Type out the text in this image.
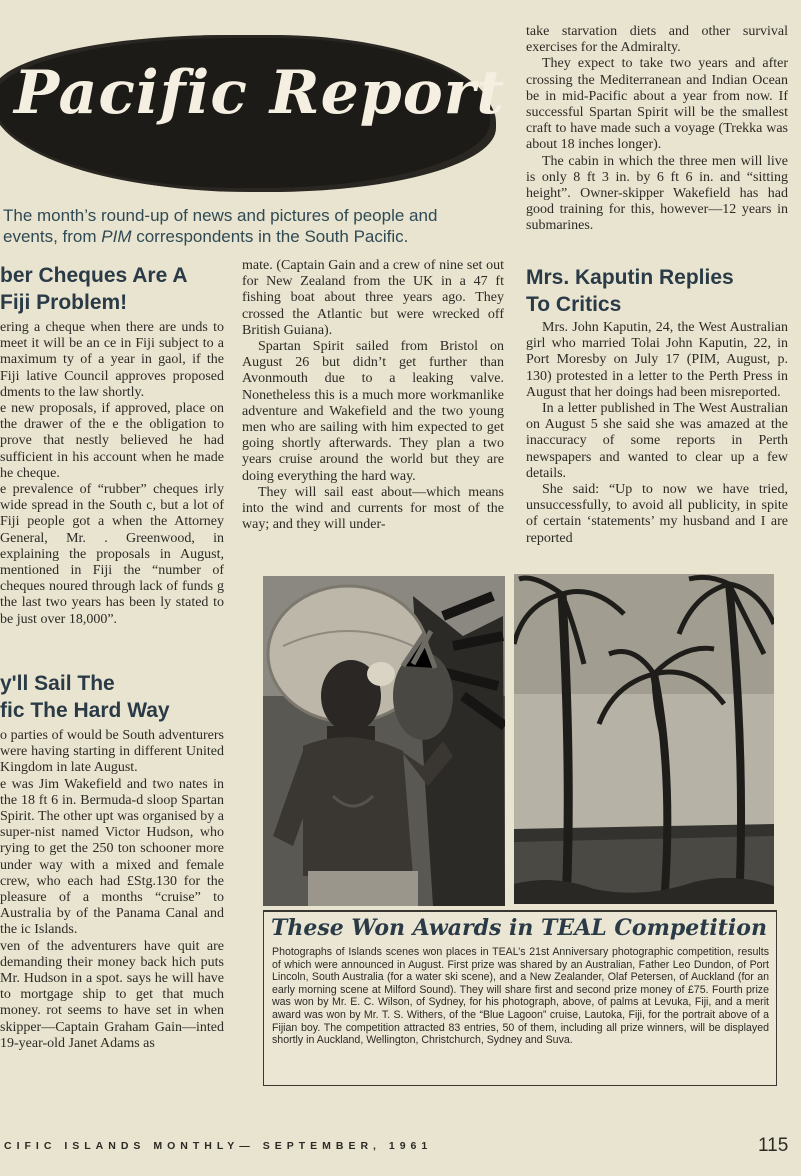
Pacific Report
The month’s round-up of news and pictures of people and
events, from PIM correspondents in the South Pacific.
ber Cheques Are A
Fiji Problem!

ering a cheque when there are unds to meet it will be an ce in Fiji subject to a maximum ty of a year in gaol, if the Fiji lative Council approves proposed dments to the law shortly.

e new proposals, if approved, place on the drawer of the e the obligation to prove that nestly believed he had sufficient in his account when he made he cheque.

e prevalence of “rubber” cheques irly wide spread in the South c, but a lot of Fiji people got a when the Attorney General, Mr. . Greenwood, in explaining the proposals in August, mentioned in Fiji the “number of cheques noured through lack of funds g the last two years has been ly stated to be just over 18,000”.

y'll Sail The
fic The Hard Way

o parties of would be South adventurers were having starting in different United Kingdom in late August.

e was Jim Wakefield and two nates in the 18 ft 6 in. Bermuda-d sloop Spartan Spirit. The other upt was organised by a super-nist named Victor Hudson, who rying to get the 250 ton schooner more under way with a mixed and female crew, who each had £Stg.130 for the pleasure of a months “cruise” to Australia by of the Panama Canal and the ic Islands.

ven of the adventurers have quit are demanding their money back hich puts Mr. Hudson in a spot. says he will have to mortgage ship to get that much money. rot seems to have set in when skipper—Captain Graham Gain—inted 19-year-old Janet Adams as

mate. (Captain Gain and a crew of nine set out for New Zealand from the UK in a 47 ft fishing boat about three years ago. They crossed the Atlantic but were wrecked off British Guiana).

Spartan Spirit sailed from Bristol on August 26 but didn’t get further than Avonmouth due to a leaking valve. Nonetheless this is a much more workmanlike adventure and Wakefield and the two young men who are sailing with him expected to get going shortly afterwards. They plan a two years cruise around the world but they are doing everything the hard way.

They will sail east about—which means into the wind and currents for most of the way; and they will under-

take starvation diets and other survival exercises for the Admiralty.

They expect to take two years and after crossing the Mediterranean and Indian Ocean be in mid-Pacific about a year from now. If successful Spartan Spirit will be the smallest craft to have made such a voyage (Trekka was about 18 inches longer).

The cabin in which the three men will live is only 8 ft 3 in. by 6 ft 6 in. and “sitting height”. Owner-skipper Wakefield has had good training for this, however—12 years in submarines.

Mrs. Kaputin Replies
To Critics

Mrs. John Kaputin, 24, the West Australian girl who married Tolai John Kaputin, 22, in Port Moresby on July 17 (PIM, August, p. 130) protested in a letter to the Perth Press in August that her doings had been misreported.

In a letter published in The West Australian on August 5 she said she was amazed at the inaccuracy of some reports in Perth newspapers and wanted to clear up a few details.

She said: “Up to now we have tried, unsuccessfully, to avoid all publicity, in spite of certain ‘statements’ my husband and I are reported

These Won Awards in TEAL Competition
Photographs of Islands scenes won places in TEAL’s 21st Anniversary photographic competition, results of which were announced in August. First prize was shared by an Australian, Father Leo Dundon, of Port Lincoln, South Australia (for a water ski scene), and a New Zealander, Olaf Petersen, of Auckland (for an early morning scene at Milford Sound). They will share first and second prize money of £75. Fourth prize was won by Mr. E. C. Wilson, of Sydney, for his photograph, above, of palms at Levuka, Fiji, and a merit award was won by Mr. T. S. Withers, of the “Blue Lagoon” cruise, Lautoka, Fiji, for the portrait above of a Fijian boy. The competition attracted 83 entries, 50 of them, including all prize winners, will be displayed shortly in Auckland, Wellington, Christchurch, Sydney and Suva.
CIFIC ISLANDS MONTHLY— SEPTEMBER, 1961	115
